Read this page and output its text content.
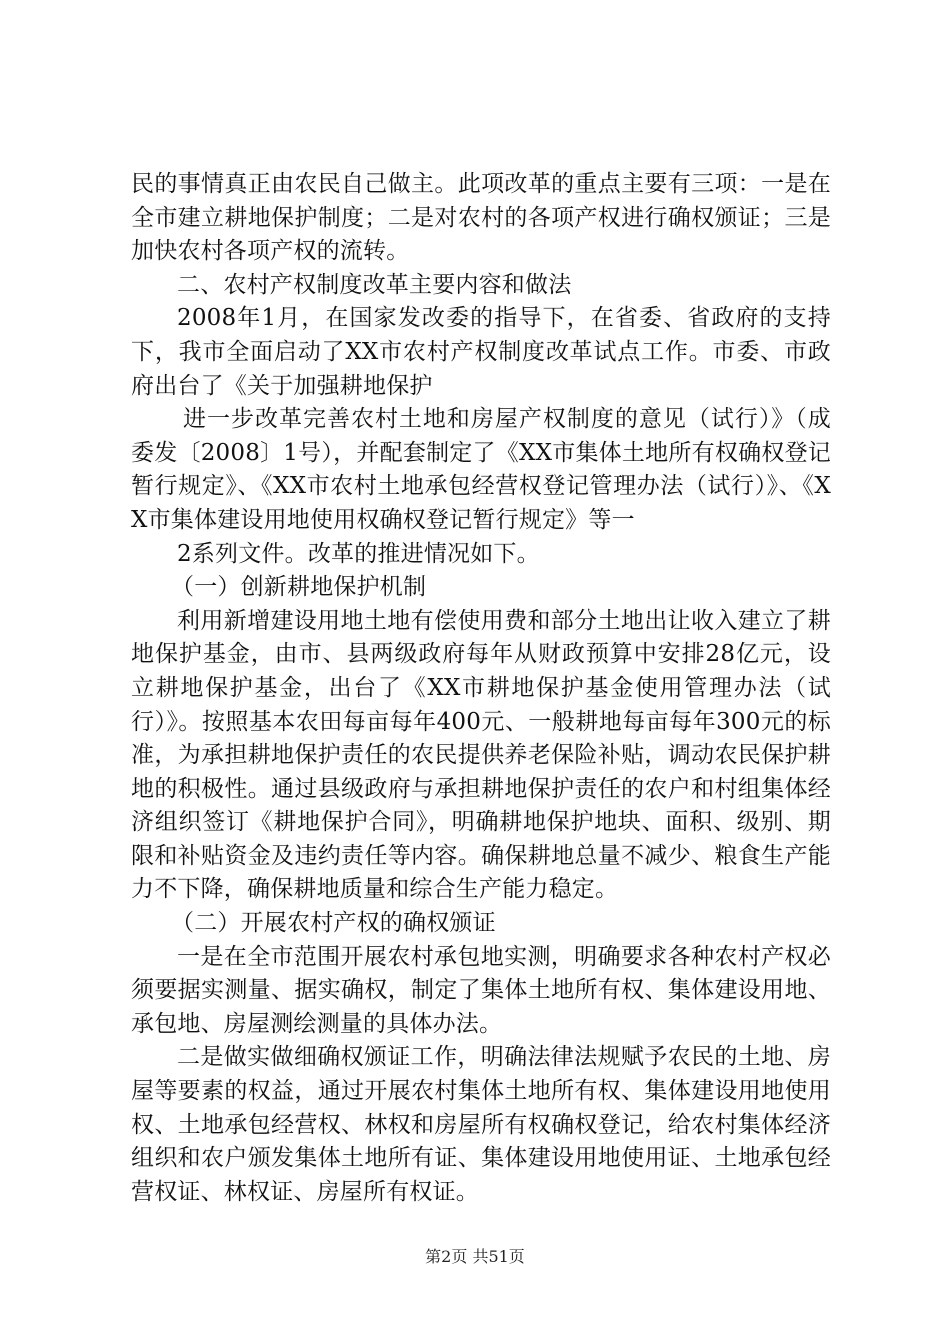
民的事情真正由农民自己做主。此项改革的重点主要有三项：一是在全市建立耕地保护制度；二是对农村的各项产权进行确权颁证；三是加快农村各项产权的流转。

二、农村产权制度改革主要内容和做法

2008年1月，在国家发改委的指导下，在省委、省政府的支持下，我市全面启动了XX市农村产权制度改革试点工作。市委、市政府出台了《关于加强耕地保护

进一步改革完善农村土地和房屋产权制度的意见（试行）》（成委发〔2008〕1号），并配套制定了《XX市集体土地所有权确权登记暂行规定》、《XX市农村土地承包经营权登记管理办法（试行）》、《XX市集体建设用地使用权确权登记暂行规定》等一

2系列文件。改革的推进情况如下。

（一）创新耕地保护机制

利用新增建设用地土地有偿使用费和部分土地出让收入建立了耕地保护基金，由市、县两级政府每年从财政预算中安排28亿元，设立耕地保护基金，出台了《XX市耕地保护基金使用管理办法（试行）》。按照基本农田每亩每年400元、一般耕地每亩每年300元的标准，为承担耕地保护责任的农民提供养老保险补贴，调动农民保护耕地的积极性。通过县级政府与承担耕地保护责任的农户和村组集体经济组织签订《耕地保护合同》，明确耕地保护地块、面积、级别、期限和补贴资金及违约责任等内容。确保耕地总量不减少、粮食生产能力不下降，确保耕地质量和综合生产能力稳定。

（二）开展农村产权的确权颁证

一是在全市范围开展农村承包地实测，明确要求各种农村产权必须要据实测量、据实确权，制定了集体土地所有权、集体建设用地、承包地、房屋测绘测量的具体办法。

二是做实做细确权颁证工作，明确法律法规赋予农民的土地、房屋等要素的权益，通过开展农村集体土地所有权、集体建设用地使用权、土地承包经营权、林权和房屋所有权确权登记，给农村集体经济组织和农户颁发集体土地所有证、集体建设用地使用证、土地承包经营权证、林权证、房屋所有权证。

第2页 共51页
